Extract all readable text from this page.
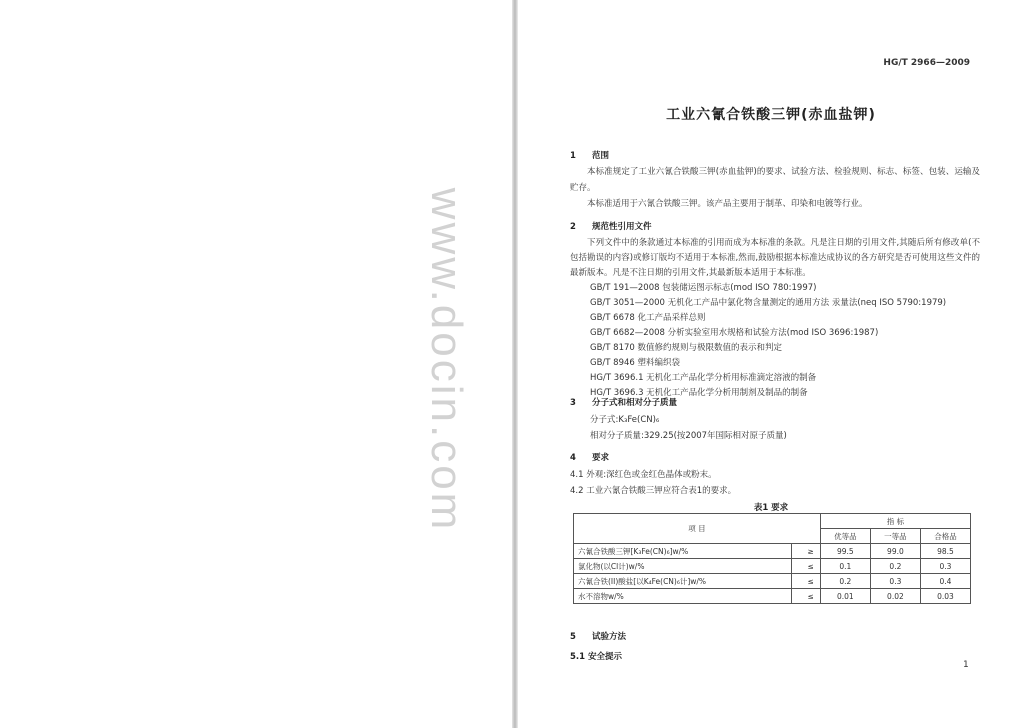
www.docin.com
HG/T 2966—2009
工业六氰合铁酸三钾(赤血盐钾)
1 范围

本标准规定了工业六氰合铁酸三钾(赤血盐钾)的要求、试验方法、检验规则、标志、标签、包装、运输及贮存。

本标准适用于六氰合铁酸三钾。该产品主要用于制革、印染和电镀等行业。

2 规范性引用文件

下列文件中的条款通过本标准的引用而成为本标准的条款。凡是注日期的引用文件,其随后所有修改单(不包括勘误的内容)或修订版均不适用于本标准,然而,鼓励根据本标准达成协议的各方研究是否可使用这些文件的最新版本。凡是不注日期的引用文件,其最新版本适用于本标准。

GB/T 191—2008 包装储运图示标志(mod ISO 780:1997)

GB/T 3051—2000 无机化工产品中氯化物含量测定的通用方法 汞量法(neq ISO 5790:1979)

GB/T 6678 化工产品采样总则

GB/T 6682—2008 分析实验室用水规格和试验方法(mod ISO 3696:1987)

GB/T 8170 数值修约规则与极限数值的表示和判定

GB/T 8946 塑料编织袋

HG/T 3696.1 无机化工产品化学分析用标准滴定溶液的制备

HG/T 3696.3 无机化工产品化学分析用制剂及制品的制备

3 分子式和相对分子质量

分子式:K₃Fe(CN)₆

相对分子质量:329.25(按2007年国际相对原子质量)

4 要求

4.1 外观:深红色或金红色晶体或粉末。

4.2 工业六氰合铁酸三钾应符合表1的要求。

表1 要求
项 目		指 标		
		优等品	一等品	合格品
六氰合铁酸三钾[K₃Fe(CN)₆]w/%	≥	99.5	99.0	98.5
氯化物(以Cl计)w/%	≤	0.1	0.2	0.3
六氰合铁(II)酸盐[以K₄Fe(CN)₆计]w/%	≤	0.2	0.3	0.4
水不溶物w/%	≤	0.01	0.02	0.03
5 试验方法
5.1 安全提示
1
